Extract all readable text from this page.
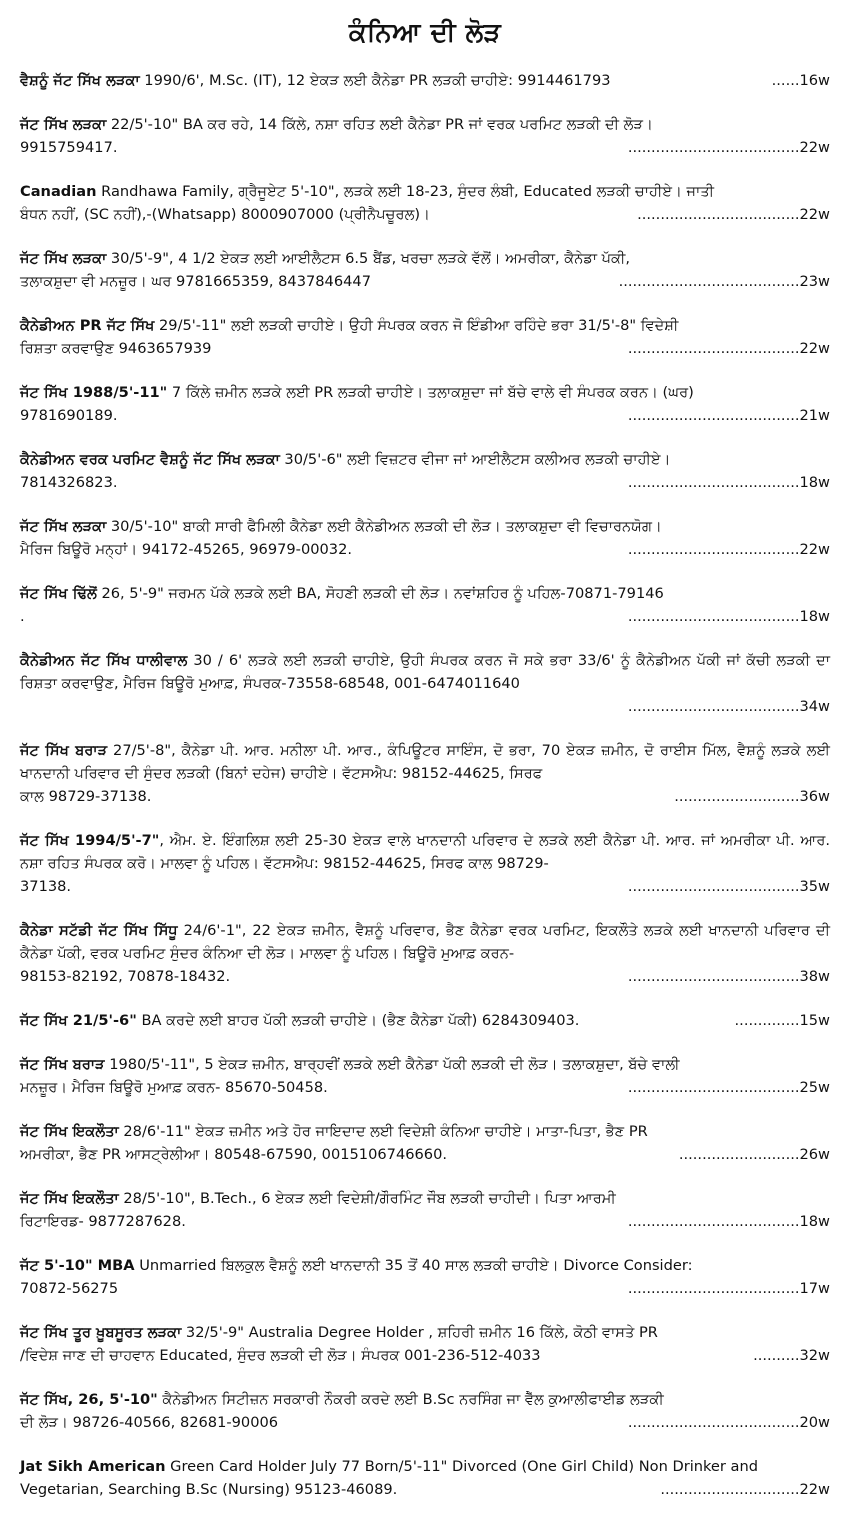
ਕੰਨਿਆ ਦੀ ਲੋੜ
ਵੈਸ਼ਨੂੰ ਜੱਟ ਸਿੱਖ ਲੜਕਾ 1990/6', M.Sc. (IT), 12 ਏਕੜ ਲਈ ਕੈਨੇਡਾ PR ਲੜਕੀ ਚਾਹੀਏ: 9914461793	......16w
ਜੱਟ ਸਿੱਖ ਲੜਕਾ 22/5'-10" BA ਕਰ ਰਹੇ, 14 ਕਿੱਲੇ, ਨਸ਼ਾ ਰਹਿਤ ਲਈ ਕੈਨੇਡਾ PR ਜਾਂ ਵਰਕ ਪਰਮਿਟ ਲੜਕੀ ਦੀ ਲੋੜ।
9915759417.	.....................................22w
Canadian Randhawa Family, ਗ੍ਰੈਜੂਏਟ 5'-10", ਲੜਕੇ ਲਈ 18-23, ਸੁੰਦਰ ਲੰਬੀ, Educated ਲੜਕੀ ਚਾਹੀਏ। ਜਾਤੀ
ਬੰਧਨ ਨਹੀਂ, (SC ਨਹੀਂ),-(Whatsapp) 8000907000 (ਪ੍ਰੀਨੈਪਚੂਰਲ)।	...................................22w
ਜੱਟ ਸਿੱਖ ਲੜਕਾ 30/5'-9", 4 1/2 ਏਕੜ ਲਈ ਆਈਲੈਟਸ 6.5 ਬੈਂਡ, ਖਰਚਾ ਲੜਕੇ ਵੱਲੋਂ। ਅਮਰੀਕਾ, ਕੈਨੇਡਾ ਪੱਕੀ,
ਤਲਾਕਸ਼ੁਦਾ ਵੀ ਮਨਜ਼ੂਰ। ਘਰ 9781665359, 8437846447	.......................................23w
ਕੈਨੇਡੀਅਨ PR ਜੱਟ ਸਿੱਖ 29/5'-11" ਲਈ ਲੜਕੀ ਚਾਹੀਏ। ਉਹੀ ਸੰਪਰਕ ਕਰਨ ਜੋ ਇੰਡੀਆ ਰਹਿੰਦੇ ਭਰਾ 31/5'-8" ਵਿਦੇਸ਼ੀ
ਰਿਸ਼ਤਾ ਕਰਵਾਉਣ 9463657939	.....................................22w
ਜੱਟ ਸਿੱਖ 1988/5'-11" 7 ਕਿੱਲੇ ਜ਼ਮੀਨ ਲੜਕੇ ਲਈ PR ਲੜਕੀ ਚਾਹੀਏ। ਤਲਾਕਸ਼ੁਦਾ ਜਾਂ ਬੱਚੇ ਵਾਲੇ ਵੀ ਸੰਪਰਕ ਕਰਨ। (ਘਰ)
9781690189.	.....................................21w
ਕੈਨੇਡੀਅਨ ਵਰਕ ਪਰਮਿਟ ਵੈਸ਼ਨੂੰ ਜੱਟ ਸਿੱਖ ਲੜਕਾ 30/5'-6" ਲਈ ਵਿਜ਼ਟਰ ਵੀਜਾ ਜਾਂ ਆਈਲੈਟਸ ਕਲੀਅਰ ਲੜਕੀ ਚਾਹੀਏ।
7814326823.	.....................................18w
ਜੱਟ ਸਿੱਖ ਲੜਕਾ 30/5'-10" ਬਾਕੀ ਸਾਰੀ ਫੈਮਿਲੀ ਕੈਨੇਡਾ ਲਈ ਕੈਨੇਡੀਅਨ ਲੜਕੀ ਦੀ ਲੋੜ। ਤਲਾਕਸ਼ੁਦਾ ਵੀ ਵਿਚਾਰਨਯੋਗ।
ਮੈਰਿਜ ਬਿਊਰੋ ਮਨ੍ਹਾਂ। 94172-45265, 96979-00032.	.....................................22w
ਜੱਟ ਸਿੱਖ ਢਿੱਲੋਂ 26, 5'-9" ਜਰਮਨ ਪੱਕੇ ਲੜਕੇ ਲਈ BA, ਸੋਹਣੀ ਲੜਕੀ ਦੀ ਲੋੜ। ਨਵਾਂਸ਼ਹਿਰ ਨੂੰ ਪਹਿਲ-70871-79146
.	.....................................18w
ਕੈਨੇਡੀਅਨ ਜੱਟ ਸਿੱਖ ਧਾਲੀਵਾਲ 30 / 6' ਲੜਕੇ ਲਈ ਲੜਕੀ ਚਾਹੀਏ, ਉਹੀ ਸੰਪਰਕ ਕਰਨ ਜੋ ਸਕੇ ਭਰਾ 33/6' ਨੂੰ ਕੈਨੇਡੀਅਨ ਪੱਕੀ ਜਾਂ ਕੱਚੀ ਲੜਕੀ ਦਾ ਰਿਸ਼ਤਾ ਕਰਵਾਉਣ, ਮੈਰਿਜ ਬਿਊਰੋ ਮੁਆਫ਼, ਸੰਪਰਕ-73558-68548, 001-6474011640
.....................................34w
ਜੱਟ ਸਿੱਖ ਬਰਾੜ 27/5'-8", ਕੈਨੇਡਾ ਪੀ. ਆਰ. ਮਨੀਲਾ ਪੀ. ਆਰ., ਕੰਪਿਊਟਰ ਸਾਇੰਸ, ਦੋ ਭਰਾ, 70 ਏਕੜ ਜ਼ਮੀਨ, ਦੋ ਰਾਈਸ ਮਿੱਲ, ਵੈਸ਼ਨੂੰ ਲੜਕੇ ਲਈ ਖਾਨਦਾਨੀ ਪਰਿਵਾਰ ਦੀ ਸੁੰਦਰ ਲੜਕੀ (ਬਿਨਾਂ ਦਹੇਜ) ਚਾਹੀਏ। ਵੱਟਸਐਪ: 98152-44625, ਸਿਰਫ
ਕਾਲ 98729-37138.	...........................36w
ਜੱਟ ਸਿੱਖ 1994/5'-7", ਐਮ. ਏ. ਇੰਗਲਿਸ਼ ਲਈ 25-30 ਏਕੜ ਵਾਲੇ ਖਾਨਦਾਨੀ ਪਰਿਵਾਰ ਦੇ ਲੜਕੇ ਲਈ ਕੈਨੇਡਾ ਪੀ. ਆਰ. ਜਾਂ ਅਮਰੀਕਾ ਪੀ. ਆਰ. ਨਸ਼ਾ ਰਹਿਤ ਸੰਪਰਕ ਕਰੋ। ਮਾਲਵਾ ਨੂੰ ਪਹਿਲ। ਵੱਟਸਐਪ: 98152-44625, ਸਿਰਫ ਕਾਲ 98729-
37138.	.....................................35w
ਕੈਨੇਡਾ ਸਟੱਡੀ ਜੱਟ ਸਿੱਖ ਸਿੱਧੂ 24/6'-1", 22 ਏਕੜ ਜ਼ਮੀਨ, ਵੈਸ਼ਨੂੰ ਪਰਿਵਾਰ, ਭੈਣ ਕੈਨੇਡਾ ਵਰਕ ਪਰਮਿਟ, ਇਕਲੌਤੇ ਲੜਕੇ ਲਈ ਖਾਨਦਾਨੀ ਪਰਿਵਾਰ ਦੀ ਕੈਨੇਡਾ ਪੱਕੀ, ਵਰਕ ਪਰਮਿਟ ਸੁੰਦਰ ਕੰਨਿਆ ਦੀ ਲੋੜ। ਮਾਲਵਾ ਨੂੰ ਪਹਿਲ। ਬਿਊਰੋ ਮੁਆਫ਼ ਕਰਨ-
98153-82192, 70878-18432.	.....................................38w
ਜੱਟ ਸਿੱਖ 21/5'-6" BA ਕਰਦੇ ਲਈ ਬਾਹਰ ਪੱਕੀ ਲੜਕੀ ਚਾਹੀਏ। (ਭੈਣ ਕੈਨੇਡਾ ਪੱਕੀ) 6284309403.	..............15w
ਜੱਟ ਸਿੱਖ ਬਰਾੜ 1980/5'-11", 5 ਏਕੜ ਜ਼ਮੀਨ, ਬਾਰ੍ਹਵੀਂ ਲੜਕੇ ਲਈ ਕੈਨੇਡਾ ਪੱਕੀ ਲੜਕੀ ਦੀ ਲੋੜ। ਤਲਾਕਸ਼ੁਦਾ, ਬੱਚੇ ਵਾਲੀ
ਮਨਜ਼ੂਰ। ਮੈਰਿਜ ਬਿਊਰੋ ਮੁਆਫ਼ ਕਰਨ- 85670-50458.	.....................................25w
ਜੱਟ ਸਿੱਖ ਇਕਲੌਤਾ 28/6'-11" ਏਕੜ ਜ਼ਮੀਨ ਅਤੇ ਹੋਰ ਜਾਇਦਾਦ ਲਈ ਵਿਦੇਸ਼ੀ ਕੰਨਿਆ ਚਾਹੀਏ। ਮਾਤਾ-ਪਿਤਾ, ਭੈਣ PR
ਅਮਰੀਕਾ, ਭੈਣ PR ਆਸਟ੍ਰੇਲੀਆ। 80548-67590, 0015106746660.	..........................26w
ਜੱਟ ਸਿੱਖ ਇਕਲੌਤਾ 28/5'-10", B.Tech., 6 ਏਕੜ ਲਈ ਵਿਦੇਸ਼ੀ/ਗੌਰਮਿੰਟ ਜੌਬ ਲੜਕੀ ਚਾਹੀਦੀ। ਪਿਤਾ ਆਰਮੀ
ਰਿਟਾਇਰਡ- 9877287628.	.....................................18w
ਜੱਟ 5'-10" MBA Unmarried ਬਿਲਕੁਲ ਵੈਸ਼ਨੂੰ ਲਈ ਖਾਨਦਾਨੀ 35 ਤੋਂ 40 ਸਾਲ ਲੜਕੀ ਚਾਹੀਏ। Divorce Consider:
70872-56275	.....................................17w
ਜੱਟ ਸਿੱਖ ਤੂਰ ਖ਼ੂਬਸੂਰਤ ਲੜਕਾ 32/5'-9" Australia Degree Holder , ਸ਼ਹਿਰੀ ਜ਼ਮੀਨ 16 ਕਿੱਲੇ, ਕੋਠੀ ਵਾਸਤੇ PR
/ਵਿਦੇਸ਼ ਜਾਣ ਦੀ ਚਾਹਵਾਨ Educated, ਸੁੰਦਰ ਲੜਕੀ ਦੀ ਲੋੜ। ਸੰਪਰਕ 001-236-512-4033	..........32w
ਜੱਟ ਸਿੱਖ, 26, 5'-10" ਕੈਨੇਡੀਅਨ ਸਿਟੀਜ਼ਨ ਸਰਕਾਰੀ ਨੌਕਰੀ ਕਰਦੇ ਲਈ B.Sc ਨਰਸਿੰਗ ਜਾ ਵੈੱਲ ਕੁਆਲੀਫਾਈਡ ਲੜਕੀ
ਦੀ ਲੋੜ। 98726-40566, 82681-90006	.....................................20w
Jat Sikh American Green Card Holder July 77 Born/5'-11" Divorced (One Girl Child) Non Drinker and
Vegetarian, Searching B.Sc (Nursing) 95123-46089.	..............................22w
